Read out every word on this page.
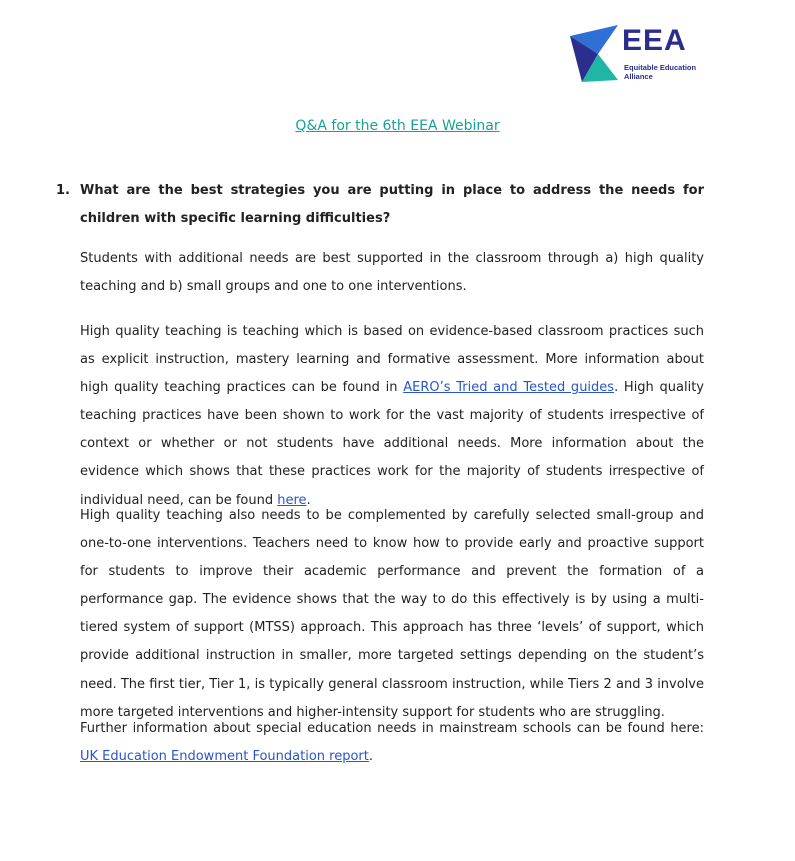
EEA
Equitable Education
Alliance
Q&A for the 6th EEA Webinar
1. What are the best strategies you are putting in place to address the needs for children with specific learning difficulties?

Students with additional needs are best supported in the classroom through a) high quality teaching and b) small groups and one to one interventions.

High quality teaching is teaching which is based on evidence-based classroom practices such as explicit instruction, mastery learning and formative assessment. More information about high quality teaching practices can be found in AERO’s Tried and Tested guides. High quality teaching practices have been shown to work for the vast majority of students irrespective of context or whether or not students have additional needs. More information about the evidence which shows that these practices work for the majority of students irrespective of individual need, can be found here.

High quality teaching also needs to be complemented by carefully selected small-group and one-to-one interventions. Teachers need to know how to provide early and proactive support for students to improve their academic performance and prevent the formation of a performance gap. The evidence shows that the way to do this effectively is by using a multi-tiered system of support (MTSS) approach. This approach has three ‘levels’ of support, which provide additional instruction in smaller, more targeted settings depending on the student’s need. The first tier, Tier 1, is typically general classroom instruction, while Tiers 2 and 3 involve more targeted interventions and higher-intensity support for students who are struggling.

Further information about special education needs in mainstream schools can be found here: UK Education Endowment Foundation report.
